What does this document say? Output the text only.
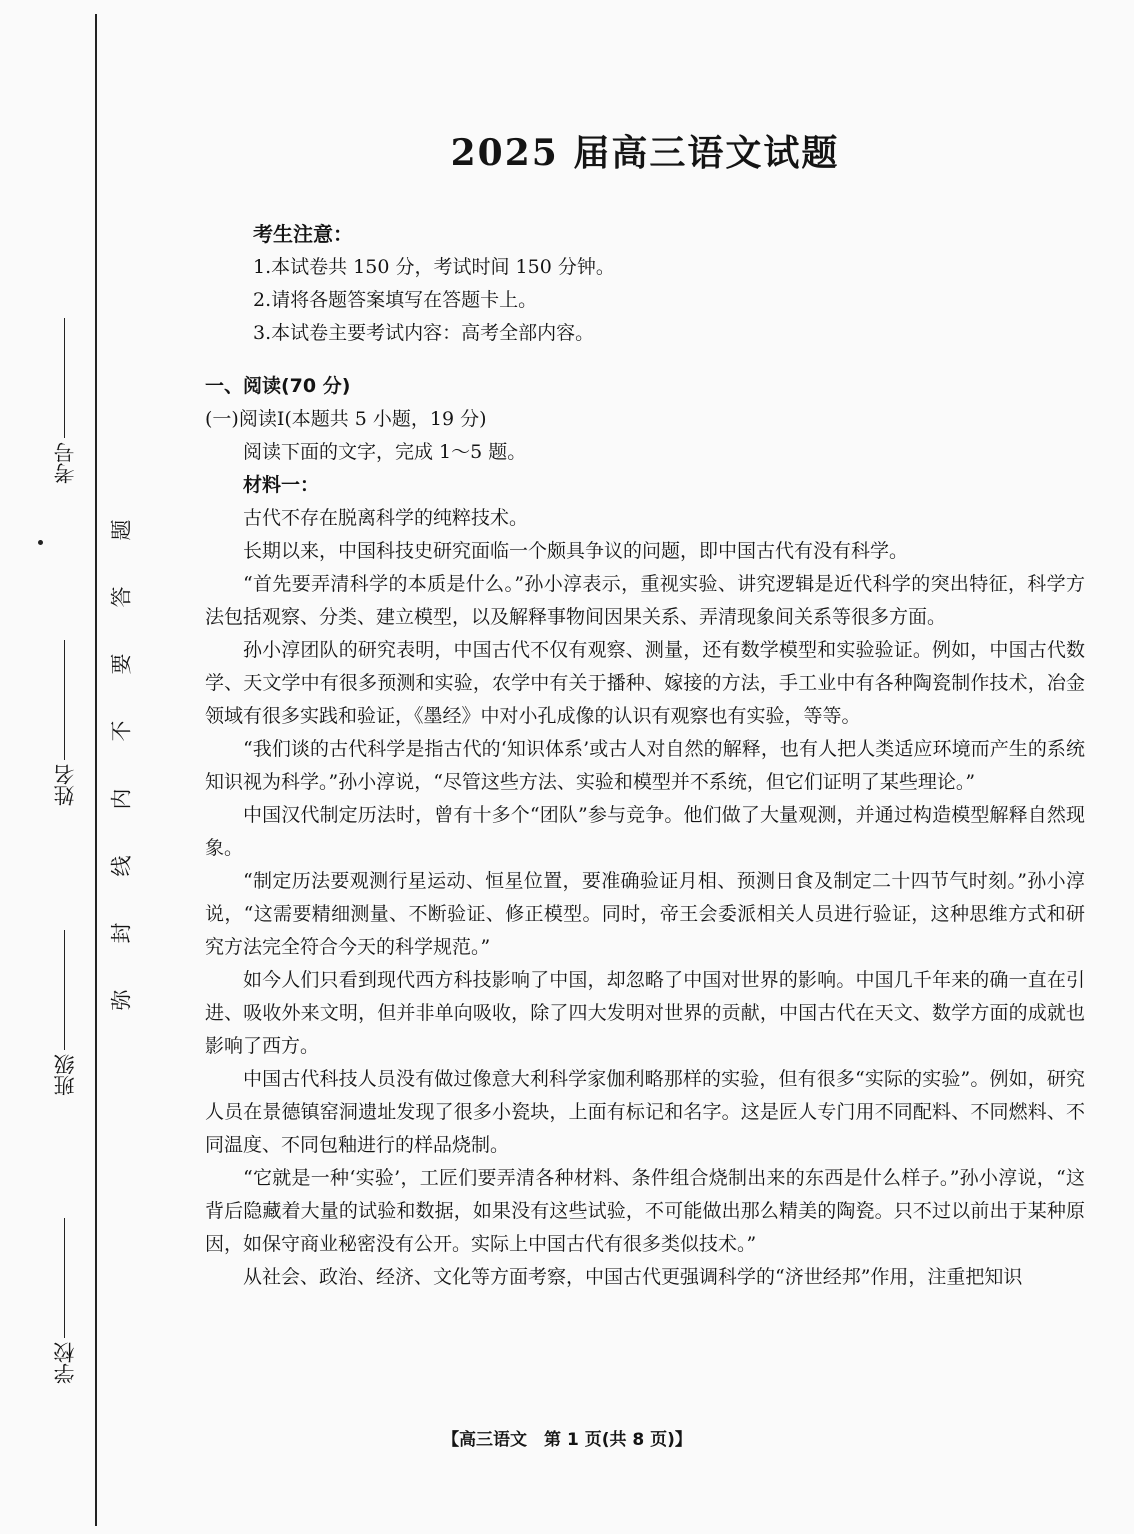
考号
姓名
班级
学校
题
答
要
不
内
线
封
弥
2025 届高三语文试题
考生注意：
1.本试卷共 150 分，考试时间 150 分钟。
2.请将各题答案填写在答题卡上。
3.本试卷主要考试内容：高考全部内容。
一、阅读(70 分)
(一)阅读Ⅰ(本题共 5 小题，19 分)
阅读下面的文字，完成 1～5 题。
材料一：

古代不存在脱离科学的纯粹技术。

长期以来，中国科技史研究面临一个颇具争议的问题，即中国古代有没有科学。

“首先要弄清科学的本质是什么。”孙小淳表示，重视实验、讲究逻辑是近代科学的突出特征，科学方法包括观察、分类、建立模型，以及解释事物间因果关系、弄清现象间关系等很多方面。

孙小淳团队的研究表明，中国古代不仅有观察、测量，还有数学模型和实验验证。例如，中国古代数学、天文学中有很多预测和实验，农学中有关于播种、嫁接的方法，手工业中有各种陶瓷制作技术，冶金领域有很多实践和验证，《墨经》中对小孔成像的认识有观察也有实验，等等。

“我们谈的古代科学是指古代的‘知识体系’或古人对自然的解释，也有人把人类适应环境而产生的系统知识视为科学。”孙小淳说，“尽管这些方法、实验和模型并不系统，但它们证明了某些理论。”

中国汉代制定历法时，曾有十多个“团队”参与竞争。他们做了大量观测，并通过构造模型解释自然现象。

“制定历法要观测行星运动、恒星位置，要准确验证月相、预测日食及制定二十四节气时刻。”孙小淳说，“这需要精细测量、不断验证、修正模型。同时，帝王会委派相关人员进行验证，这种思维方式和研究方法完全符合今天的科学规范。”

如今人们只看到现代西方科技影响了中国，却忽略了中国对世界的影响。中国几千年来的确一直在引进、吸收外来文明，但并非单向吸收，除了四大发明对世界的贡献，中国古代在天文、数学方面的成就也影响了西方。

中国古代科技人员没有做过像意大利科学家伽利略那样的实验，但有很多“实际的实验”。例如，研究人员在景德镇窑洞遗址发现了很多小瓷块，上面有标记和名字。这是匠人专门用不同配料、不同燃料、不同温度、不同包釉进行的样品烧制。

“它就是一种‘实验’，工匠们要弄清各种材料、条件组合烧制出来的东西是什么样子。”孙小淳说，“这背后隐藏着大量的试验和数据，如果没有这些试验，不可能做出那么精美的陶瓷。只不过以前出于某种原因，如保守商业秘密没有公开。实际上中国古代有很多类似技术。”

从社会、政治、经济、文化等方面考察，中国古代更强调科学的“济世经邦”作用，注重把知识

【高三语文　第 1 页(共 8 页)】
